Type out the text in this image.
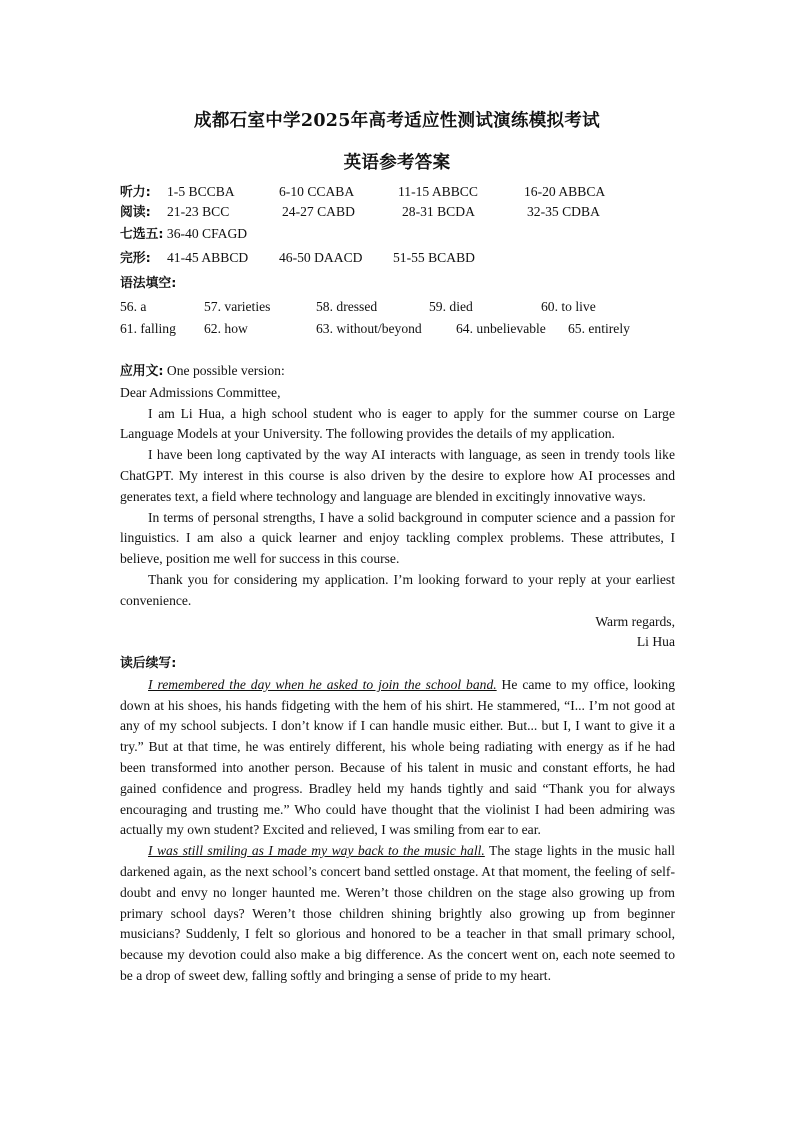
成都石室中学2025年高考适应性测试演练模拟考试
英语参考答案
听力: 1-5 BCCBA	6-10 CCABA	11-15 ABBCC	16-20 ABBCA
阅读: 21-23 BCC	24-27 CABD	28-31 BCDA	32-35 CDBA
七选五: 36-40 CFAGD
完形: 41-45 ABBCD 46-50 DAACD 51-55 BCABD
语法填空:
56. a	57. varieties	58. dressed	59. died	60. to live
61. falling 62. how	63. without/beyond	64. unbelievable 65. entirely

应用文: One possible version:

Dear Admissions Committee,

I am Li Hua, a high school student who is eager to apply for the summer course on Large Language Models at your University. The following provides the details of my application.

I have been long captivated by the way AI interacts with language, as seen in trendy tools like ChatGPT. My interest in this course is also driven by the desire to explore how AI processes and generates text, a field where technology and language are blended in excitingly innovative ways.

In terms of personal strengths, I have a solid background in computer science and a passion for linguistics. I am also a quick learner and enjoy tackling complex problems. These attributes, I believe, position me well for success in this course.

Thank you for considering my application. I’m looking forward to your reply at your earliest convenience.

Warm regards,

Li Hua

读后续写:

I remembered the day when he asked to join the school band. He came to my office, looking down at his shoes, his hands fidgeting with the hem of his shirt. He stammered, “I... I’m not good at any of my school subjects. I don’t know if I can handle music either. But... but I, I want to give it a try.” But at that time, he was entirely different, his whole being radiating with energy as if he had been transformed into another person. Because of his talent in music and constant efforts, he had gained confidence and progress. Bradley held my hands tightly and said “Thank you for always encouraging and trusting me.” Who could have thought that the violinist I had been admiring was actually my own student? Excited and relieved, I was smiling from ear to ear.

I was still smiling as I made my way back to the music hall. The stage lights in the music hall darkened again, as the next school’s concert band settled onstage. At that moment, the feeling of self-doubt and envy no longer haunted me. Weren’t those children on the stage also growing up from primary school days? Weren’t those children shining brightly also growing up from beginner musicians? Suddenly, I felt so glorious and honored to be a teacher in that small primary school, because my devotion could also make a big difference. As the concert went on, each note seemed to be a drop of sweet dew, falling softly and bringing a sense of pride to my heart.
